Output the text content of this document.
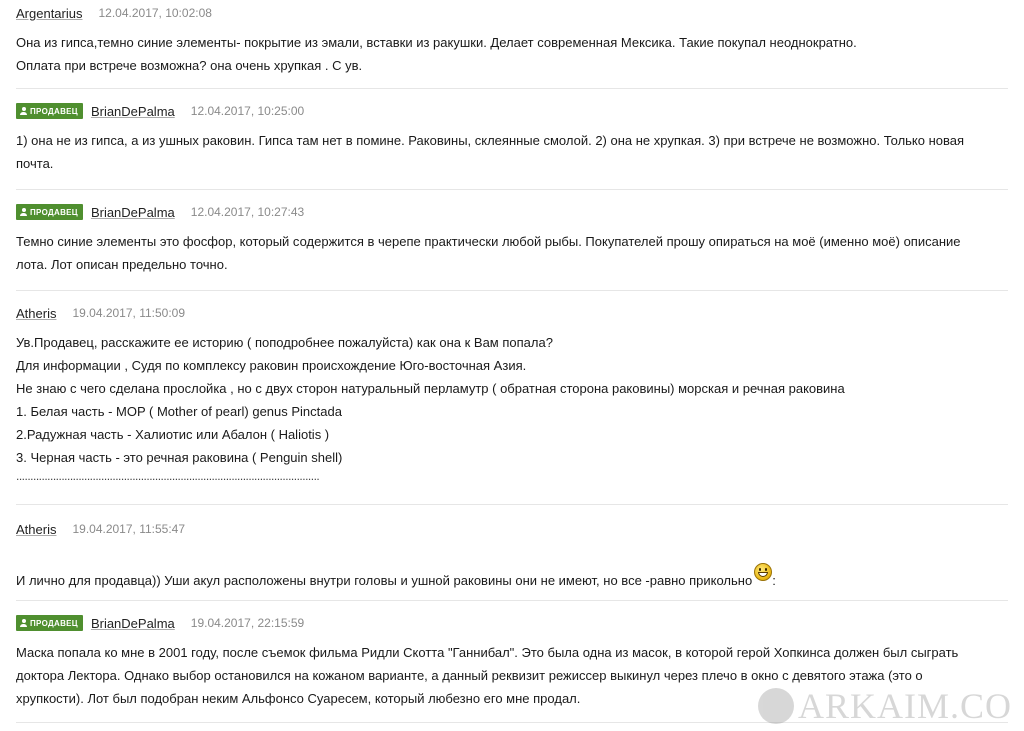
Argentarius 12.04.2017, 10:02:08

Она из гипса,темно синие элементы- покрытие из эмали, вставки из ракушки. Делает современная Мексика. Такие покупал неоднократно.

Оплата при встрече возможна? она очень хрупкая . С ув.

ПРОДАВЕЦ BrianDePalma 12.04.2017, 10:25:00

1) она не из гипса, а из ушных раковин. Гипса там нет в помине. Раковины, склеянные смолой. 2) она не хрупкая. 3) при встрече не возможно. Только новая

почта.

ПРОДАВЕЦ BrianDePalma 12.04.2017, 10:27:43

Темно синие элементы это фосфор, который содержится в черепе практически любой рыбы. Покупателей прошу опираться на моё (именно моё) описание

лота. Лот описан предельно точно.

Atheris 19.04.2017, 11:50:09

Ув.Продавец, расскажите ее историю ( поподробнее пожалуйста) как она к Вам попала?

Для информации , Судя по комплексу раковин происхождение Юго-восточная Азия.

Не знаю с чего сделана прослойка , но с двух сторон натуральный перламутр ( обратная сторона раковины) морская и речная раковина

1. Белая часть - MOP ( Mother of pearl) genus Pinctada

2.Радужная часть - Халиотис или Абалон ( Haliotis )

3. Черная часть - это речная раковина ( Penguin shell)

...........................................................................................................
Atheris 19.04.2017, 11:55:47
И лично для продавца)) Уши акул расположены внутри головы и ушной раковины они не имеют, но все -равно прикольно :
ПРОДАВЕЦ BrianDePalma 19.04.2017, 22:15:59

Маска попала ко мне в 2001 году, после съемок фильма Ридли Скотта "Ганнибал". Это была одна из масок, в которой герой Хопкинса должен был сыграть

доктора Лектора. Однако выбор остановился на кожаном варианте, а данный реквизит режиссер выкинул через плечо в окно с девятого этажа (это о

хрупкости). Лот был подобран неким Альфонсо Суаресем, который любезно его мне продал.	ARKAIM.CO
